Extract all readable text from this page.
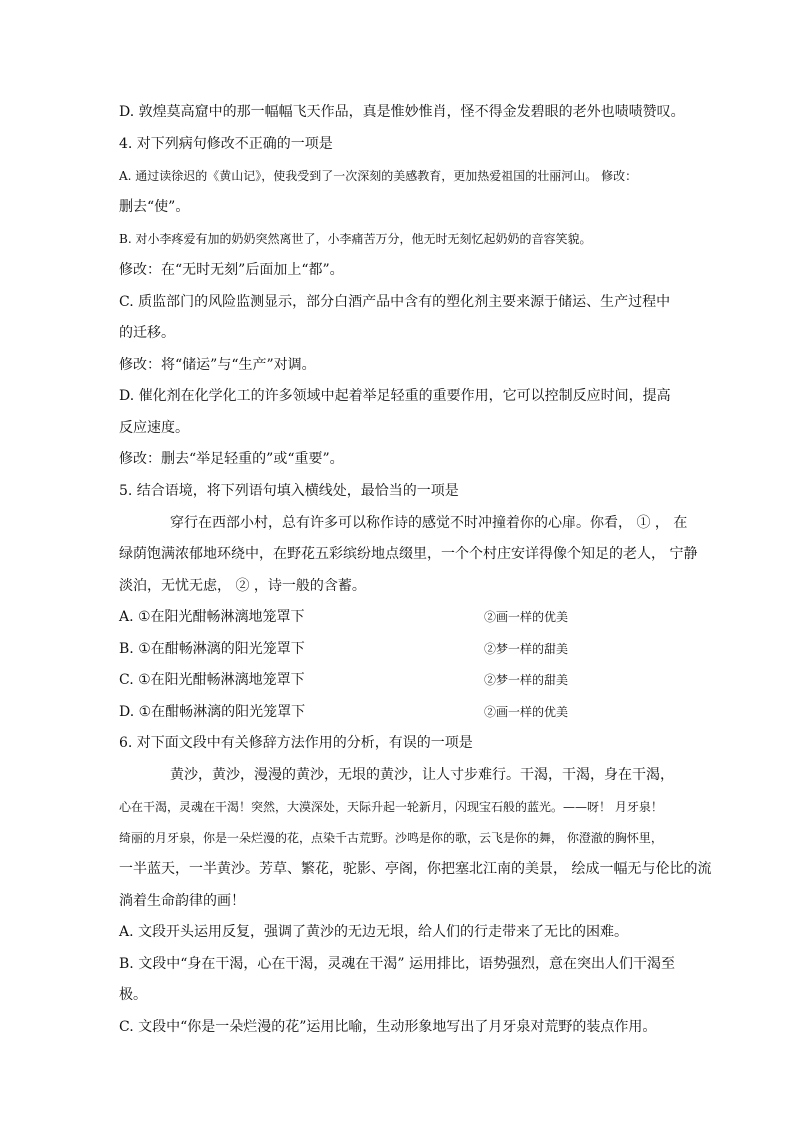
D. 敦煌莫高窟中的那一幅幅飞天作品，真是惟妙惟肖，怪不得金发碧眼的老外也啧啧赞叹。
4. 对下列病句修改不正确的一项是
A. 通过读徐迟的《黄山记》，使我受到了一次深刻的美感教育，更加热爱祖国的壮丽河山。 修改：
删去“使”。
B. 对小李疼爱有加的奶奶突然离世了，小李痛苦万分，他无时无刻忆起奶奶的音容笑貌。
修改：在“无时无刻”后面加上“都”。
C. 质监部门的风险监测显示，部分白酒产品中含有的塑化剂主要来源于储运、生产过程中
的迁移。
修改：将“储运”与“生产”对调。
D. 催化剂在化学化工的许多领域中起着举足轻重的重要作用，它可以控制反应时间，提高
反应速度。
修改：删去“举足轻重的”或“重要”。
5. 结合语境，将下列语句填入横线处，最恰当的一项是
穿行在西部小村，总有许多可以称作诗的感觉不时冲撞着你的心扉。你看， ① ， 在
绿荫饱满浓郁地环绕中，在野花五彩缤纷地点缀里，一个个村庄安详得像个知足的老人， 宁静
淡泊，无忧无虑， ② ，诗一般的含蓄。
A. ①在阳光酣畅淋漓地笼罩下	②画一样的优美
B. ①在酣畅淋漓的阳光笼罩下	②梦一样的甜美
C. ①在阳光酣畅淋漓地笼罩下	②梦一样的甜美
D. ①在酣畅淋漓的阳光笼罩下	②画一样的优美
6. 对下面文段中有关修辞方法作用的分析，有误的一项是
黄沙，黄沙，漫漫的黄沙，无垠的黄沙，让人寸步难行。干渴，干渴，身在干渴，
心在干渴，灵魂在干渴！突然，大漠深处，天际升起一轮新月，闪现宝石般的蓝光。——呀！ 月牙泉！
绮丽的月牙泉，你是一朵烂漫的花，点染千古荒野。沙鸣是你的歌，云飞是你的舞， 你澄澈的胸怀里，
一半蓝天，一半黄沙。芳草、繁花，驼影、亭阁，你把塞北江南的美景， 绘成一幅无与伦比的流
淌着生命韵律的画！
A. 文段开头运用反复，强调了黄沙的无边无垠，给人们的行走带来了无比的困难。
B. 文段中“身在干渴，心在干渴，灵魂在干渴” 运用排比，语势强烈，意在突出人们干渴至
极。
C. 文段中“你是一朵烂漫的花”运用比喻，生动形象地写出了月牙泉对荒野的装点作用。
